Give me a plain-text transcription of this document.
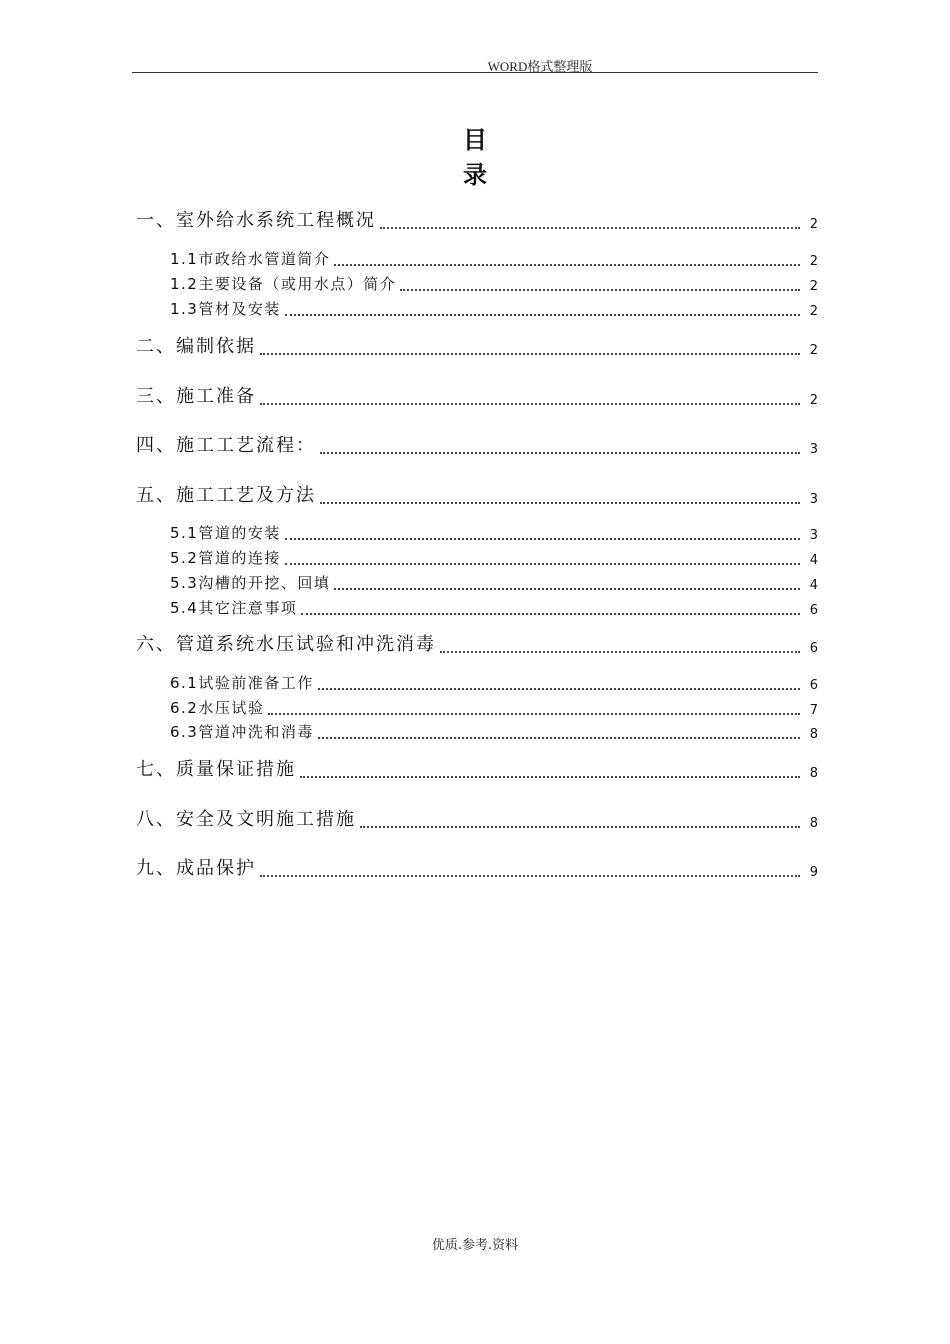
WORD格式整理版
目录
一、室外给水系统工程概况	2
1.1市政给水管道简介	2
1.2主要设备（或用水点）简介	2
1.3管材及安装	2
二、编制依据	2
三、施工准备	2
四、施工工艺流程：	3
五、施工工艺及方法	3
5.1管道的安装	3
5.2管道的连接	4
5.3沟槽的开挖、回填	4
5.4其它注意事项	6
六、管道系统水压试验和冲洗消毒	6
6.1试验前准备工作	6
6.2水压试验	7
6.3管道冲洗和消毒	8
七、质量保证措施	8
八、安全及文明施工措施	8
九、成品保护	9
优质.参考.资料
